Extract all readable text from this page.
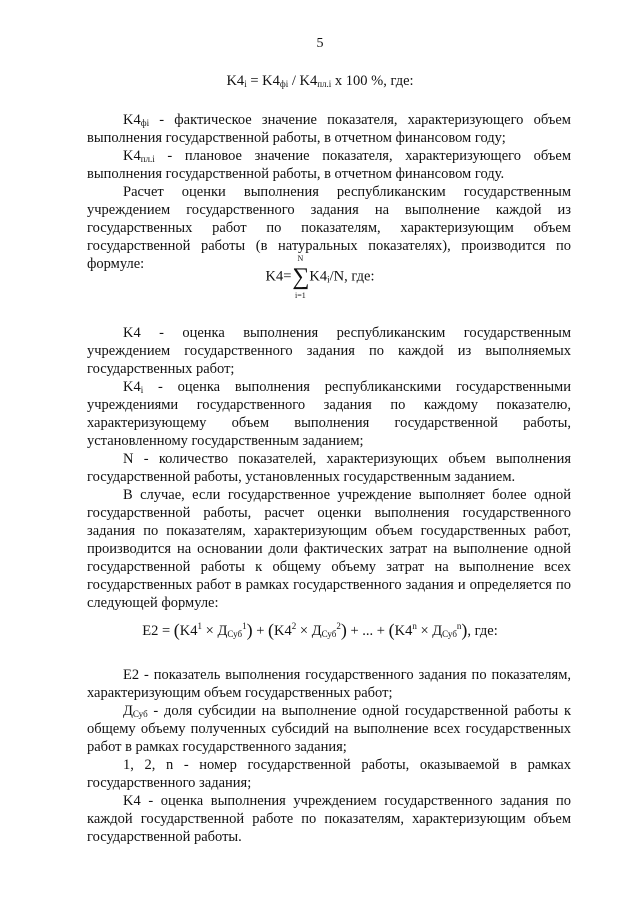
5
$K4_i = K4_{фi} / K4_{пл.i}$ x 100 %, где:

$K4_{фi}$ - фактическое значение показателя, характеризующего объем выполнения государственной работы, в отчетном финансовом году;

$K4_{пл.i}$ - плановое значение показателя, характеризующего объем выполнения государственной работы, в отчетном финансовом году.

Расчет оценки выполнения республиканским государственным учреждением государственного задания на выполнение каждой из государственных работ по показателям, характеризующим объем государственной работы (в натуральных показателях), производится по формуле:

K4=
N
∑
i=1
$K4_i/N$, где:

K4 - оценка выполнения республиканским государственным учреждением государственного задания по каждой из выполняемых государственных работ;

$K4_i$ - оценка выполнения республиканскими государственными учреждениями государственного задания по каждому показателю, характеризующему объем выполнения государственной работы, установленному государственным заданием;

N - количество показателей, характеризующих объем выполнения государственной работы, установленных государственным заданием.

В случае, если государственное учреждение выполняет более одной государственной работы, расчет оценки выполнения государственного задания по показателям, характеризующим объем государственных работ, производится на основании доли фактических затрат на выполнение одной государственной работы к общему объему затрат на выполнение всех государственных работ в рамках государственного задания и определяется по следующей формуле:

$E2 = (K4^1 \times Д_{Суб}^1) + (K4^2 \times Д_{Суб}^2)$ + ... + $(K4^n \times Д_{Суб}^n)$, где:

E2 - показатель выполнения государственного задания по показателям, характеризующим объем государственных работ;

$Д_{Суб}$ - доля субсидии на выполнение одной государственной работы к общему объему полученных субсидий на выполнение всех государственных работ в рамках государственного задания;

1, 2, n - номер государственной работы, оказываемой в рамках государственного задания;

K4 - оценка выполнения учреждением государственного задания по каждой государственной работе по показателям, характеризующим объем государственной работы.
